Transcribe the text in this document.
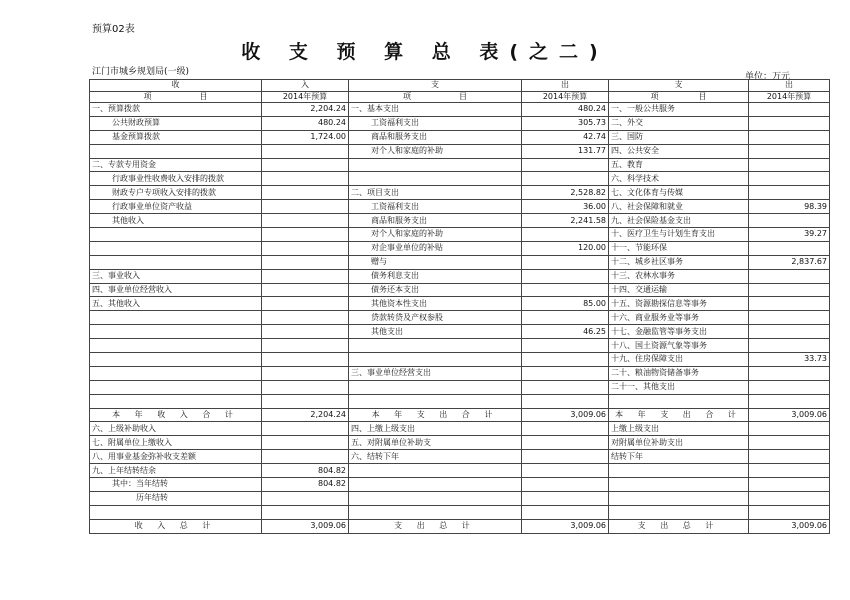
预算02表
收 支 预 算 总 表(之二)
江门市城乡规划局(一级)	单位：万元
收	入	支	出	支	出
项       目	2014年预算	项       目	2014年预算	项      目	2014年预算
一、预算拨款	2,204.24	一、基本支出	480.24	一、一般公共服务	
公共财政预算	480.24	工资福利支出	305.73	二、外交	
基金预算拨款	1,724.00	商品和服务支出	42.74	三、国防	
		对个人和家庭的补助	131.77	四、公共安全	
二、专款专用资金				五、教育	
行政事业性收费收入安排的拨款				六、科学技术	
财政专户专项收入安排的拨款		二、项目支出	2,528.82	七、文化体育与传媒	
行政事业单位资产收益		工资福利支出	36.00	八、社会保障和就业	98.39
其他收入		商品和服务支出	2,241.58	九、社会保险基金支出	
		对个人和家庭的补助		十、医疗卫生与计划生育支出	39.27
		对企事业单位的补贴	120.00	十一、节能环保	
		赠与		十二、城乡社区事务	2,837.67
三、事业收入		债务利息支出		十三、农林水事务	
四、事业单位经营收入		债务还本支出		十四、交通运输	
五、其他收入		其他资本性支出	85.00	十五、资源勘探信息等事务	
		贷款转贷及产权参股		十六、商业服务业等事务	
		其他支出	46.25	十七、金融监管等事务支出	
				十八、国土资源气象等事务	
				十九、住房保障支出	33.73
		三、事业单位经营支出		二十、粮油物资储备事务	
				二十一、其他支出	

本 年 收 入 合 计	2,204.24	本 年 支 出 合 计	3,009.06	本 年 支 出 合 计	3,009.06
六、上级补助收入		四、上缴上级支出		上缴上级支出	
七、附属单位上缴收入		五、对附属单位补助支		对附属单位补助支出	
八、用事业基金弥补收支差额		六、结转下年		结转下年	
九、上年结转结余	804.82				
其中：当年结转	804.82				
历年结转					

收 入 总 计	3,009.06	支 出 总 计	3,009.06	支 出 总 计	3,009.06
